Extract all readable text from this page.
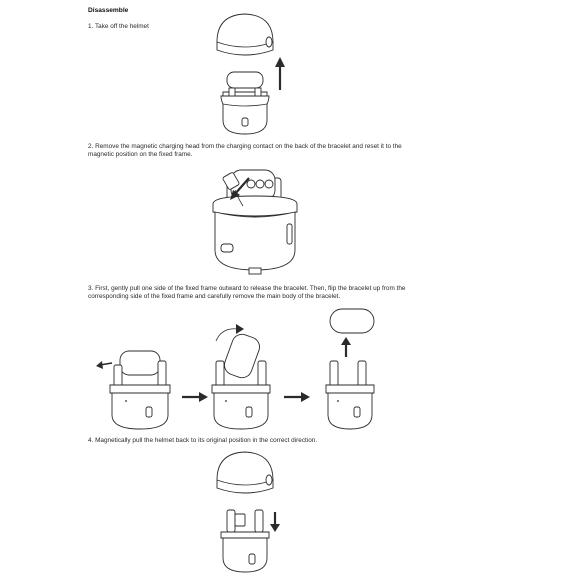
Disassemble
1. Take off the helmet
2. Remove the magnetic charging head from the charging contact on the back of the bracelet and reset it to the
magnetic position on the fixed frame.
3. First, gently pull one side of the fixed frame outward to release the bracelet. Then, flip the bracelet up from the
corresponding side of the fixed frame and carefully remove the main body of the bracelet.
4. Magnetically pull the helmet back to its original position in the correct direction.
